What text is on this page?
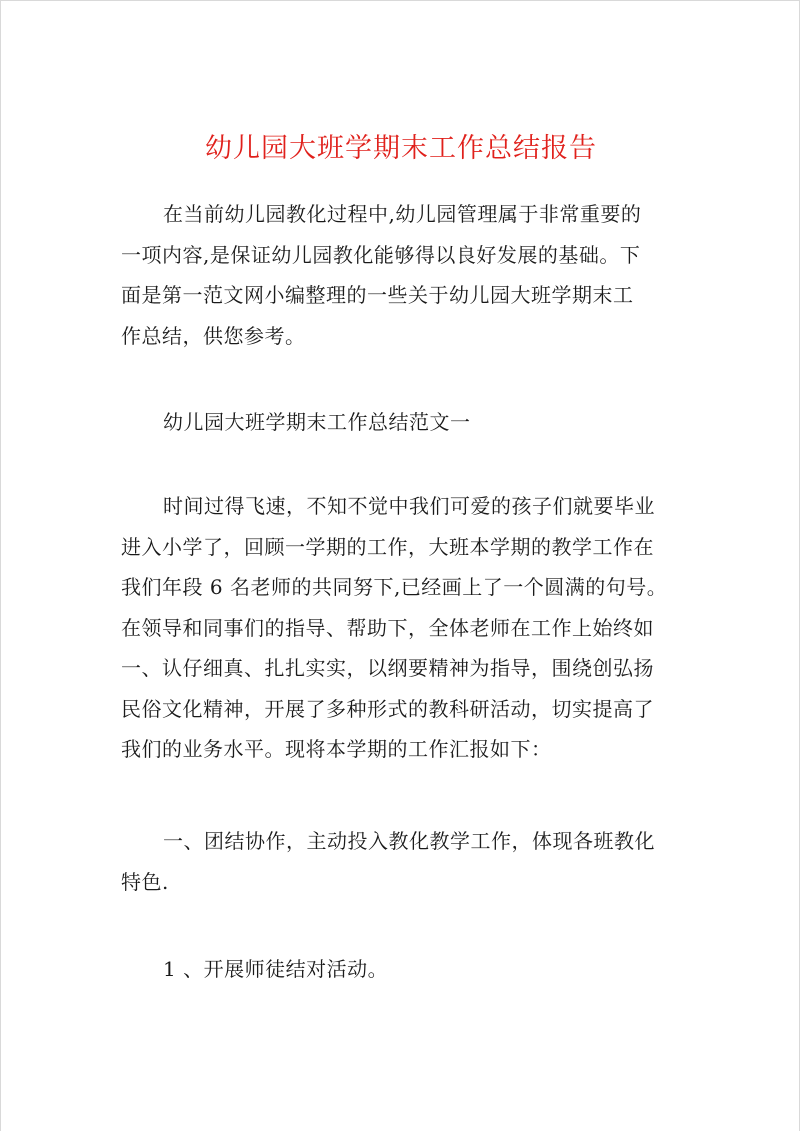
幼儿园大班学期末工作总结报告
在当前幼儿园教化过程中,幼儿园管理属于非常重要的
一项内容,是保证幼儿园教化能够得以良好发展的基础。下
面是第一范文网小编整理的一些关于幼儿园大班学期末工
作总结，供您参考。
幼儿园大班学期末工作总结范文一
时间过得飞速，不知不觉中我们可爱的孩子们就要毕业
进入小学了，回顾一学期的工作，大班本学期的教学工作在
我们年段 6 名老师的共同努下,已经画上了一个圆满的句号。
在领导和同事们的指导、帮助下，全体老师在工作上始终如
一、认仔细真、扎扎实实，以纲要精神为指导，围绕创弘扬
民俗文化精神，开展了多种形式的教科研活动，切实提高了
我们的业务水平。现将本学期的工作汇报如下：
一、团结协作，主动投入教化教学工作，体现各班教化
特色.
1 、开展师徒结对活动。
